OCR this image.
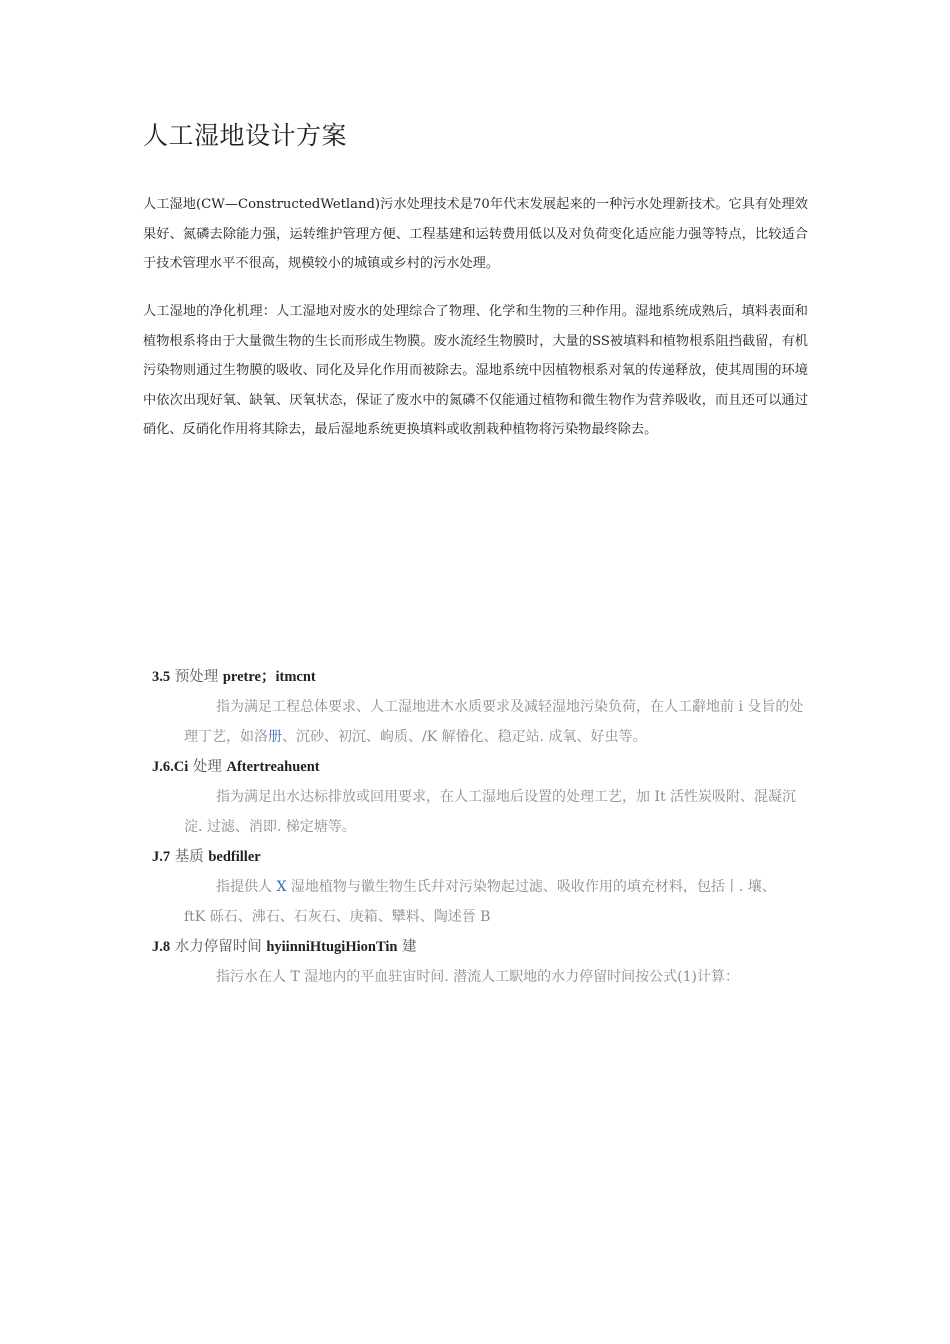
人工湿地设计方案

人工湿地(CW—ConstructedWetland)污水处理技术是70年代末发展起来的一种污水处理新技术。它具有处理效果好、氮磷去除能力强，运转维护管理方便、工程基建和运转费用低以及对负荷变化适应能力强等特点，比较适合于技术管理水平不很高，规模较小的城镇或乡村的污水处理。

人工湿地的净化机理：人工湿地对废水的处理综合了物理、化学和生物的三种作用。湿地系统成熟后，填料表面和植物根系将由于大量微生物的生长而形成生物膜。废水流经生物膜时，大量的SS被填料和植物根系阻挡截留，有机污染物则通过生物膜的吸收、同化及异化作用而被除去。湿地系统中因植物根系对氧的传递释放，使其周围的环境中依次出现好氧、缺氧、厌氧状态，保证了废水中的氮磷不仅能通过植物和微生物作为营养吸收，而且还可以通过硝化、反硝化作用将其除去，最后湿地系统更换填料或收割栽种植物将污染物最终除去。

3.5 预处理 pretre；itmcnt
指为满足工程总体要求、人工湿地进木水质要求及减轻湿地污染负荷，在人工辭地前 i 殳旨的处
理丁艺，如洛册、沉砂、初沉、岣质、/K 解慻化、稳疋站. 成氧、好虫等。
J.6.Ci 处理 Aftertreahuent
指为满足出水达标排放或回用要求，在人工湿地后设置的处理工艺，加 It 活性炭吸附、混凝沉
淀. 过滤、消即. 梯定塘等。
J.7 基质 bedfiller
指提供人 X 湿地植物与徽生物生氏幷对污染物起过滤、吸收作用的填充材料，包括丨. 壤、
ftK 砾石、沸石、石灰石、庚箱、犫料、陶述晉 B
J.8 水力停留时间 hyiinniHtugiHionTin 建
指污水在人 T 湿地内的平血驻宙时间. 潜流人工駅地的水力停留时间按公式(1)计算：
